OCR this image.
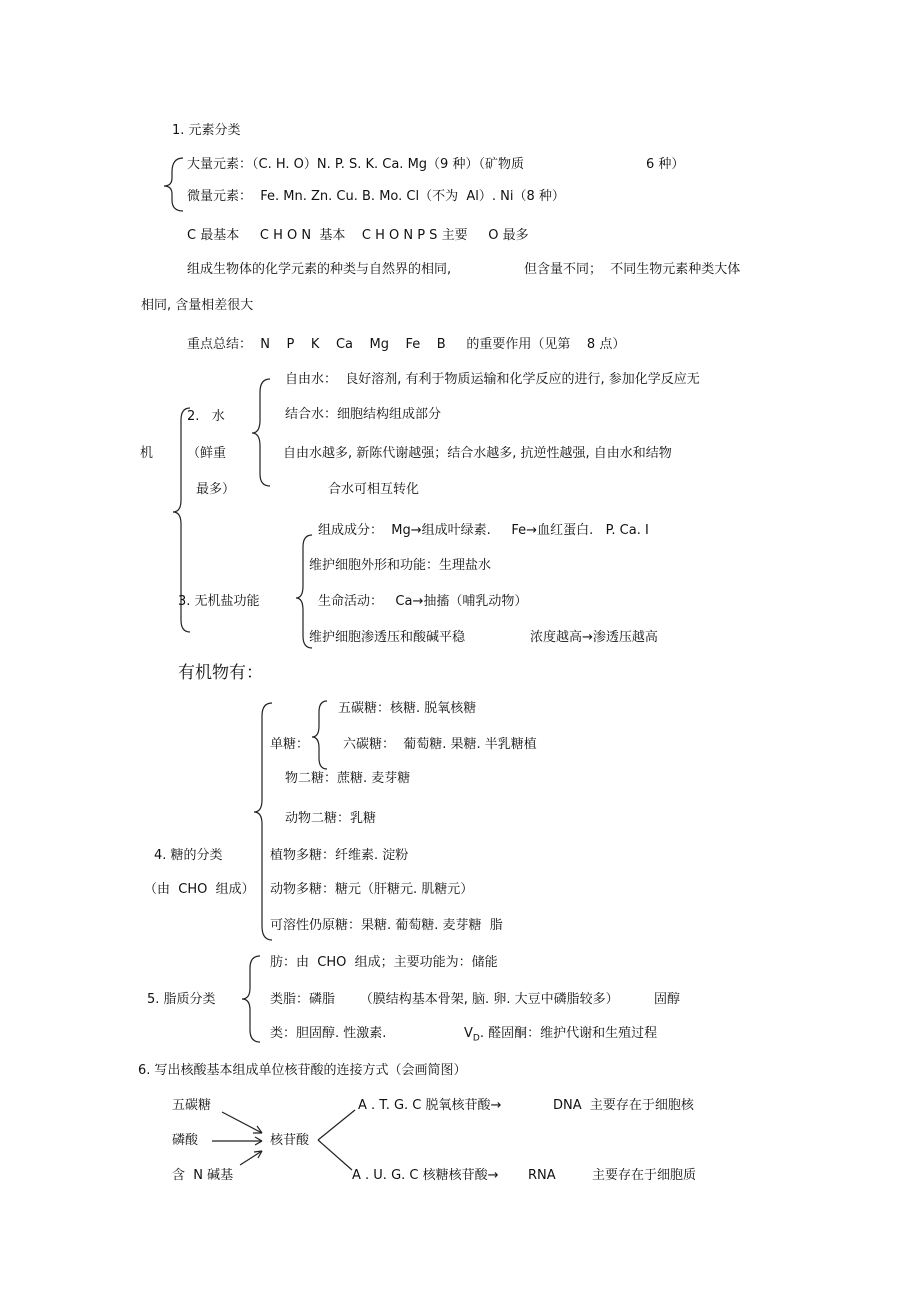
1. 元素分类
大量元素：（C. H. O）N. P. S. K. Ca. Mg（9 种）（矿物质	6 种）
微量元素：  Fe. Mn. Zn. Cu. B. Mo. Cl（不为  Al）. Ni（8 种）
C 最基本     C H O N  基本    C H O N P S 主要     O 最多
组成生物体的化学元素的种类与自然界的相同,	但含量不同；  不同生物元素种类大体
相同, 含量相差很大
重点总结：  N    P    K    Ca    Mg    Fe    B     的重要作用（见第    8 点）
自由水：  良好溶剂, 有利于物质运输和化学反应的进行, 参加化学反应无
2.   水	结合水：细胞结构组成部分
机	（鲜重	自由水越多, 新陈代谢越强；结合水越多, 抗逆性越强, 自由水和结物
最多）	合水可相互转化
组成成分：  Mg→组成叶绿素.     Fe→血红蛋白.   P. Ca. I
维护细胞外形和功能：生理盐水
3. 无机盐功能	生命活动：   Ca→抽搐（哺乳动物）
维护细胞渗透压和酸碱平稳	浓度越高→渗透压越高
有机物有：
五碳糖：核糖. 脱氧核糖
单糖：	六碳糖：  葡萄糖. 果糖. 半乳糖植
物二糖：蔗糖. 麦芽糖
动物二糖：乳糖
4. 糖的分类	植物多糖：纤维素. 淀粉
（由  CHO  组成） 动物多糖：糖元（肝糖元. 肌糖元）
可溶性仍原糖：果糖. 葡萄糖. 麦芽糖  脂
肪：由  CHO  组成；主要功能为：储能
5. 脂质分类	类脂：磷脂      （膜结构基本骨架, 脑. 卵. 大豆中磷脂较多）	固醇
类：胆固醇. 性激素.	$V_D$. 醛固酮：维护代谢和生殖过程
6. 写出核酸基本组成单位核苷酸的连接方式（会画简图）
五碳糖	A . T. G. C 脱氧核苷酸→	DNA  主要存在于细胞核
磷酸	核苷酸
含  N 碱基	A . U. G. C 核糖核苷酸→ RNA	主要存在于细胞质
